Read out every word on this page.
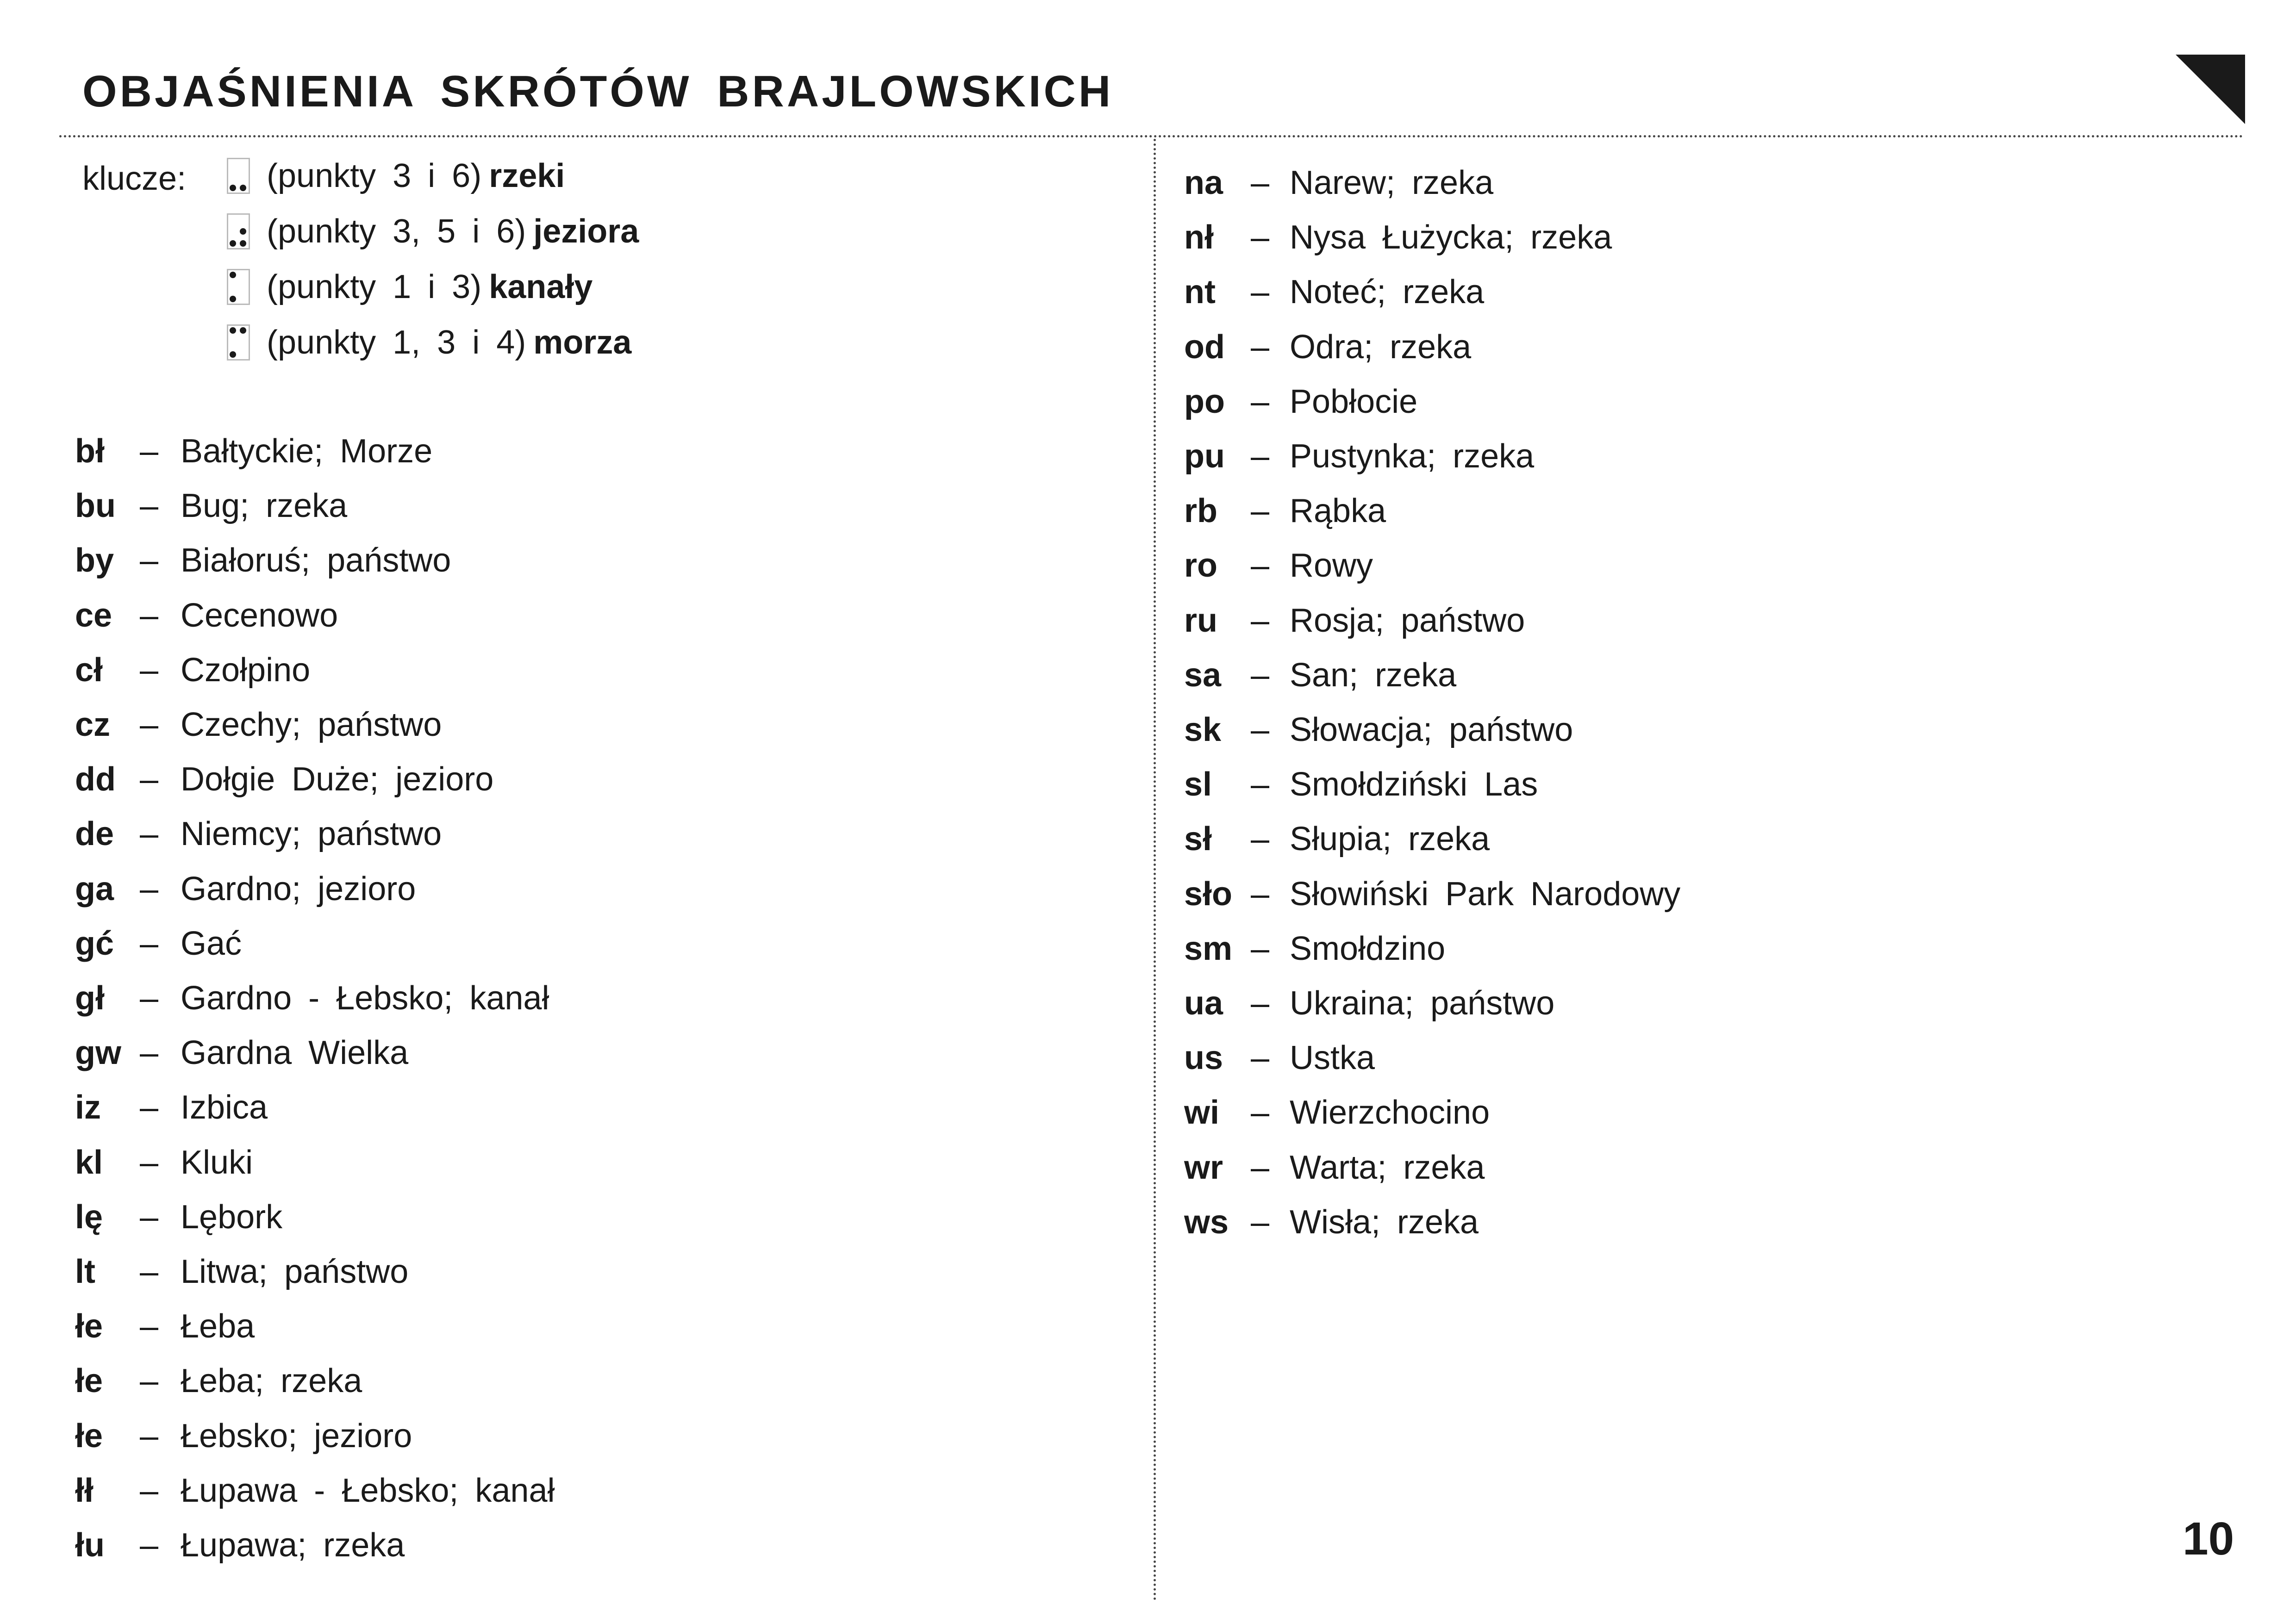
OBJAŚNIENIA SKRÓTÓW BRAJLOWSKICH
klucze: (punkty 3 i 6) rzeki
(punkty 3, 5 i 6) jeziora
(punkty 1 i 3) kanały
(punkty 1, 3 i 4) morza
bł – Bałtyckie; Morze
bu – Bug; rzeka
by – Białoruś; państwo
ce – Cecenowo
cł – Czołpino
cz – Czechy; państwo
dd – Dołgie Duże; jezioro
de – Niemcy; państwo
ga – Gardno; jezioro
gć – Gać
gł – Gardno - Łebsko; kanał
gw – Gardna Wielka
iz – Izbica
kl – Kluki
lę – Lębork
lt – Litwa; państwo
łe – Łeba
łe – Łeba; rzeka
łe – Łebsko; jezioro
łł – Łupawa - Łebsko; kanał
łu – Łupawa; rzeka
na – Narew; rzeka
nł – Nysa Łużycka; rzeka
nt – Noteć; rzeka
od – Odra; rzeka
po – Pobłocie
pu – Pustynka; rzeka
rb – Rąbka
ro – Rowy
ru – Rosja; państwo
sa – San; rzeka
sk – Słowacja; państwo
sl – Smołdziński Las
sł – Słupia; rzeka
sło – Słowiński Park Narodowy
sm – Smołdzino
ua – Ukraina; państwo
us – Ustka
wi – Wierzchocino
wr – Warta; rzeka
ws – Wisła; rzeka
10
